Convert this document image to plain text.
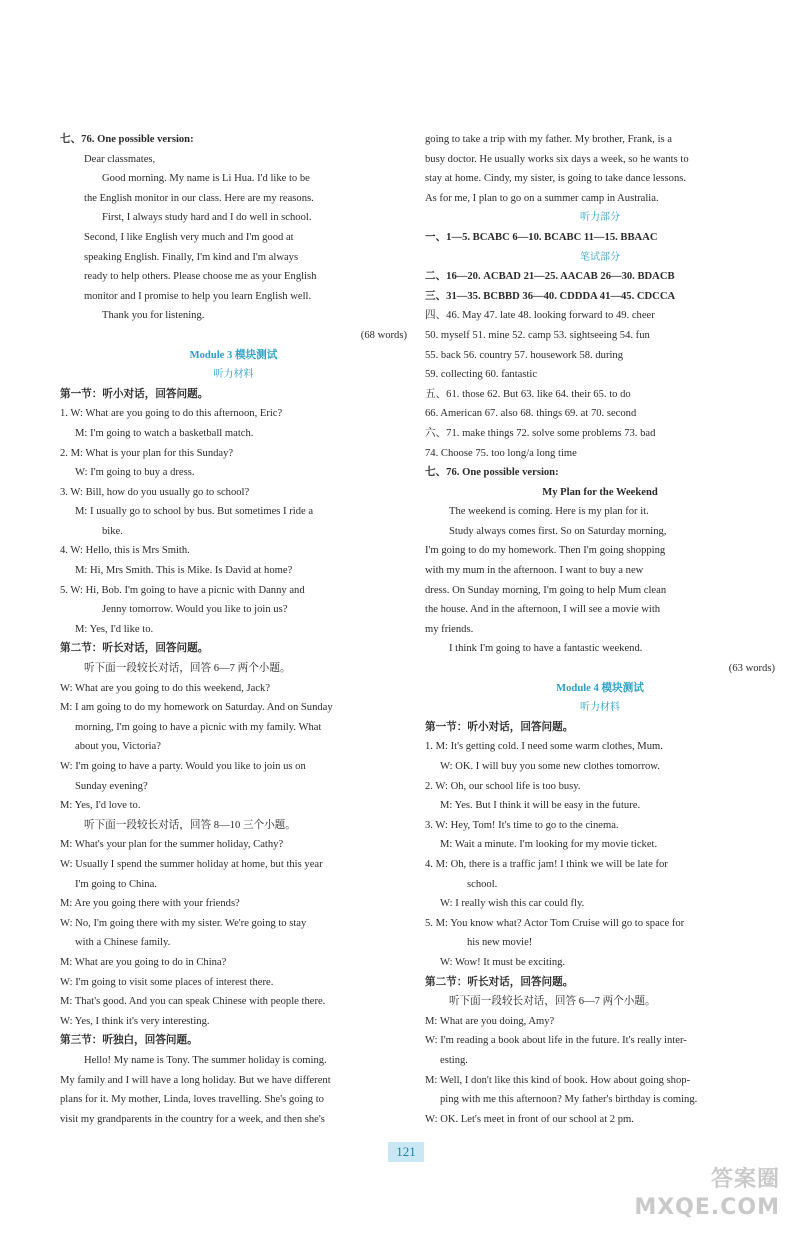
七、76. One possible version:
Dear classmates,
Good morning. My name is Li Hua. I'd like to be
the English monitor in our class. Here are my reasons.
First, I always study hard and I do well in school.
Second, I like English very much and I'm good at
speaking English. Finally, I'm kind and I'm always
ready to help others. Please choose me as your English
monitor and I promise to help you learn English well.
Thank you for listening.
(68 words)
Module 3 模块测试
听力材料
第一节：听小对话，回答问题。
1. W: What are you going to do this afternoon, Eric?
M: I'm going to watch a basketball match.
2. M: What is your plan for this Sunday?
W: I'm going to buy a dress.
3. W: Bill, how do you usually go to school?
M: I usually go to school by bus. But sometimes I ride a
bike.
4. W: Hello, this is Mrs Smith.
M: Hi, Mrs Smith. This is Mike. Is David at home?
5. W: Hi, Bob. I'm going to have a picnic with Danny and
Jenny tomorrow. Would you like to join us?
M: Yes, I'd like to.
第二节：听长对话，回答问题。
听下面一段较长对话，回答 6—7 两个小题。
W: What are you going to do this weekend, Jack?
M: I am going to do my homework on Saturday. And on Sunday
morning, I'm going to have a picnic with my family. What
about you, Victoria?
W: I'm going to have a party. Would you like to join us on
Sunday evening?
M: Yes, I'd love to.
听下面一段较长对话，回答 8—10 三个小题。
M: What's your plan for the summer holiday, Cathy?
W: Usually I spend the summer holiday at home, but this year
I'm going to China.
M: Are you going there with your friends?
W: No, I'm going there with my sister. We're going to stay
with a Chinese family.
M: What are you going to do in China?
W: I'm going to visit some places of interest there.
M: That's good. And you can speak Chinese with people there.
W: Yes, I think it's very interesting.
第三节：听独白，回答问题。
Hello! My name is Tony. The summer holiday is coming.
My family and I will have a long holiday. But we have different
plans for it. My mother, Linda, loves travelling. She's going to
visit my grandparents in the country for a week, and then she's
going to take a trip with my father. My brother, Frank, is a
busy doctor. He usually works six days a week, so he wants to
stay at home. Cindy, my sister, is going to take dance lessons.
As for me, I plan to go on a summer camp in Australia.
听力部分
一、1—5. BCABC 6—10. BCABC 11—15. BBAAC
笔试部分
二、16—20. ACBAD 21—25. AACAB 26—30. BDACB
三、31—35. BCBBD 36—40. CDDDA 41—45. CDCCA
四、46. May 47. late 48. looking forward to 49. cheer
50. myself 51. mine 52. camp 53. sightseeing 54. fun
55. back 56. country 57. housework 58. during
59. collecting 60. fantastic
五、61. those 62. But 63. like 64. their 65. to do
66. American 67. also 68. things 69. at 70. second
六、71. make things 72. solve some problems 73. bad
74. Choose 75. too long/a long time
七、76. One possible version:
My Plan for the Weekend
The weekend is coming. Here is my plan for it.
Study always comes first. So on Saturday morning,
I'm going to do my homework. Then I'm going shopping
with my mum in the afternoon. I want to buy a new
dress. On Sunday morning, I'm going to help Mum clean
the house. And in the afternoon, I will see a movie with
my friends.
I think I'm going to have a fantastic weekend.
(63 words)
Module 4 模块测试
听力材料
第一节：听小对话，回答问题。
1. M: It's getting cold. I need some warm clothes, Mum.
W: OK. I will buy you some new clothes tomorrow.
2. W: Oh, our school life is too busy.
M: Yes. But I think it will be easy in the future.
3. W: Hey, Tom! It's time to go to the cinema.
M: Wait a minute. I'm looking for my movie ticket.
4. M: Oh, there is a traffic jam! I think we will be late for
school.
W: I really wish this car could fly.
5. M: You know what? Actor Tom Cruise will go to space for
his new movie!
W: Wow! It must be exciting.
第二节：听长对话，回答问题。
听下面一段较长对话，回答 6—7 两个小题。
M: What are you doing, Amy?
W: I'm reading a book about life in the future. It's really inter-
esting.
M: Well, I don't like this kind of book. How about going shop-
ping with me this afternoon? My father's birthday is coming.
W: OK. Let's meet in front of our school at 2 pm.
121
答案圈
MXQE.COM
